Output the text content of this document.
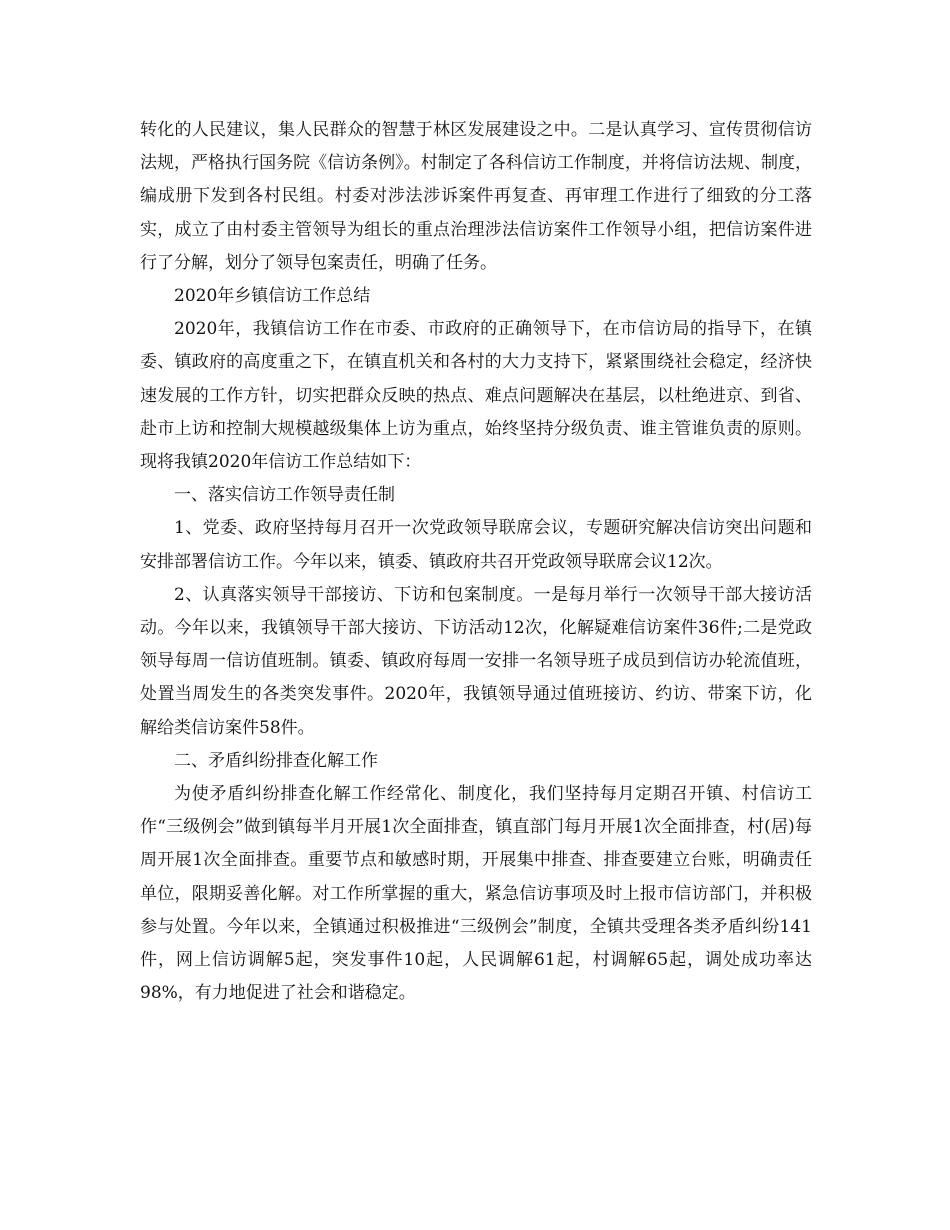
转化的人民建议，集人民群众的智慧于林区发展建设之中。二是认真学习、宣传贯彻信访法规，严格执行国务院《信访条例》。村制定了各科信访工作制度，并将信访法规、制度，编成册下发到各村民组。村委对涉法涉诉案件再复查、再审理工作进行了细致的分工落实，成立了由村委主管领导为组长的重点治理涉法信访案件工作领导小组，把信访案件进行了分解，划分了领导包案责任，明确了任务。

2020年乡镇信访工作总结

2020年，我镇信访工作在市委、市政府的正确领导下，在市信访局的指导下，在镇委、镇政府的高度重之下，在镇直机关和各村的大力支持下，紧紧围绕社会稳定，经济快速发展的工作方针，切实把群众反映的热点、难点问题解决在基层，以杜绝进京、到省、赴市上访和控制大规模越级集体上访为重点，始终坚持分级负责、谁主管谁负责的原则。现将我镇2020年信访工作总结如下：

一、落实信访工作领导责任制

1、党委、政府坚持每月召开一次党政领导联席会议，专题研究解决信访突出问题和安排部署信访工作。今年以来，镇委、镇政府共召开党政领导联席会议12次。

2、认真落实领导干部接访、下访和包案制度。一是每月举行一次领导干部大接访活动。今年以来，我镇领导干部大接访、下访活动12次，化解疑难信访案件36件;二是党政领导每周一信访值班制。镇委、镇政府每周一安排一名领导班子成员到信访办轮流值班，处置当周发生的各类突发事件。2020年，我镇领导通过值班接访、约访、带案下访，化解给类信访案件58件。

二、矛盾纠纷排查化解工作

为使矛盾纠纷排查化解工作经常化、制度化，我们坚持每月定期召开镇、村信访工作“三级例会”做到镇每半月开展1次全面排查，镇直部门每月开展1次全面排查，村(居)每周开展1次全面排查。重要节点和敏感时期，开展集中排查、排查要建立台账，明确责任单位，限期妥善化解。对工作所掌握的重大，紧急信访事项及时上报市信访部门，并积极参与处置。今年以来，全镇通过积极推进“三级例会”制度，全镇共受理各类矛盾纠纷141件，网上信访调解5起，突发事件10起，人民调解61起，村调解65起，调处成功率达98%，有力地促进了社会和谐稳定。
